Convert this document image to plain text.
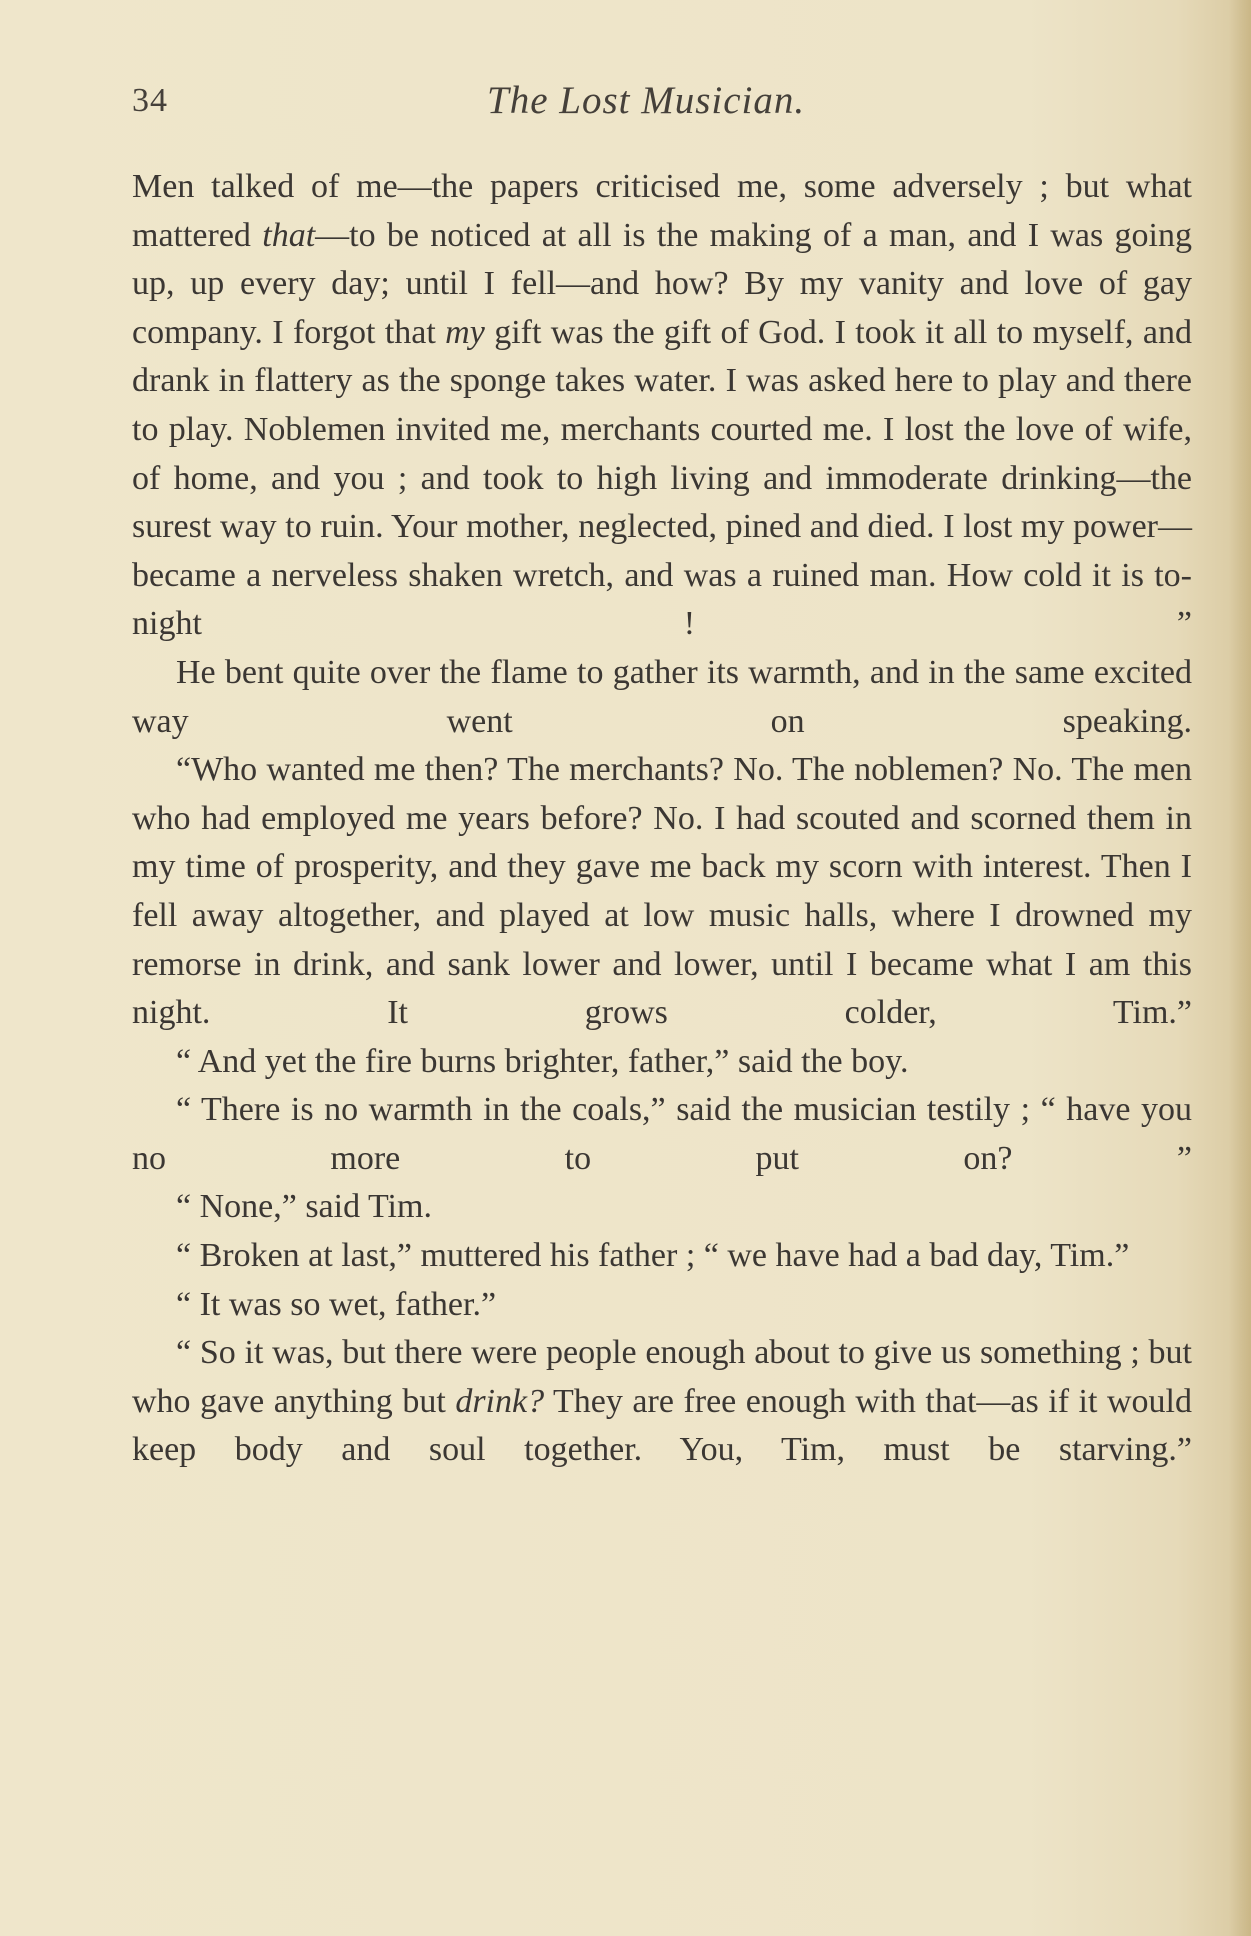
34	The Lost Musician.

Men talked of me—the papers criticised me, some adversely ; but what mattered that—to be noticed at all is the making of a man, and I was going up, up every day; until I fell—and how? By my vanity and love of gay company. I forgot that my gift was the gift of God. I took it all to myself, and drank in flattery as the sponge takes water. I was asked here to play and there to play. Noblemen invited me, merchants courted me. I lost the love of wife, of home, and you ; and took to high living and immoderate drinking—the surest way to ruin. Your mother, neglected, pined and died. I lost my power—became a nerveless shaken wretch, and was a ruined man. How cold it is to-night ! ”

He bent quite over the flame to gather its warmth, and in the same excited way went on speaking.

“Who wanted me then? The merchants? No. The noblemen? No. The men who had employed me years before? No. I had scouted and scorned them in my time of prosperity, and they gave me back my scorn with interest. Then I fell away altogether, and played at low music halls, where I drowned my remorse in drink, and sank lower and lower, until I became what I am this night. It grows colder, Tim.”

“ And yet the fire burns brighter, father,” said the boy.

“ There is no warmth in the coals,” said the musician testily ; “ have you no more to put on? ”

“ None,” said Tim.

“ Broken at last,” muttered his father ; “ we have had a bad day, Tim.”

“ It was so wet, father.”

“ So it was, but there were people enough about to give us something ; but who gave anything but drink? They are free enough with that—as if it would keep body and soul together. You, Tim, must be starving.”
